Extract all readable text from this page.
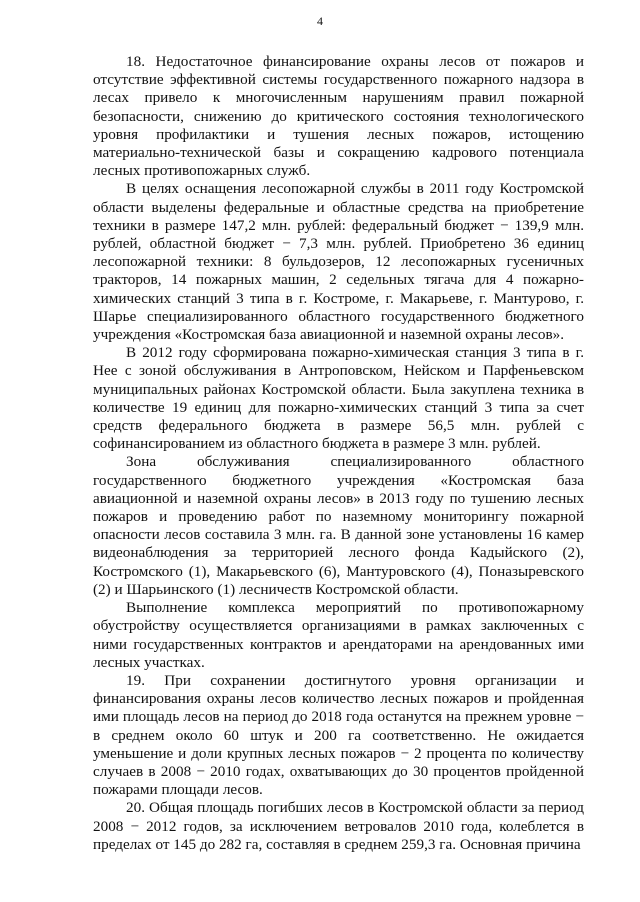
4

18. Недостаточное финансирование охраны лесов от пожаров и отсутствие эффективной системы государственного пожарного надзора в лесах привело к многочисленным нарушениям правил пожарной безопасности, снижению до критического состояния технологического уровня профилактики и тушения лесных пожаров, истощению материально-технической базы и сокращению кадрового потенциала лесных противопожарных служб.

В целях оснащения лесопожарной службы в 2011 году Костромской области выделены федеральные и областные средства на приобретение техники в размере 147,2 млн. рублей: федеральный бюджет − 139,9 млн. рублей, областной бюджет − 7,3 млн. рублей. Приобретено 36 единиц лесопожарной техники: 8 бульдозеров, 12 лесопожарных гусеничных тракторов, 14 пожарных машин, 2 седельных тягача для 4 пожарно-химических станций 3 типа в г. Костроме, г. Макарьеве, г. Мантурово, г. Шарье специализированного областного государственного бюджетного учреждения «Костромская база авиационной и наземной охраны лесов».

В 2012 году сформирована пожарно-химическая станция 3 типа в г. Нее с зоной обслуживания в Антроповском, Нейском и Парфеньевском муниципальных районах Костромской области. Была закуплена техника в количестве 19 единиц для пожарно-химических станций 3 типа за счет средств федерального бюджета в размере 56,5 млн. рублей с софинансированием из областного бюджета в размере 3 млн. рублей.

Зона обслуживания специализированного областного государственного бюджетного учреждения «Костромская база авиационной и наземной охраны лесов» в 2013 году по тушению лесных пожаров и проведению работ по наземному мониторингу пожарной опасности лесов составила 3 млн. га. В данной зоне установлены 16 камер видеонаблюдения за территорией лесного фонда Кадыйского (2), Костромского (1), Макарьевского (6), Мантуровского (4), Поназыревского (2) и Шарьинского (1) лесничеств Костромской области.

Выполнение комплекса мероприятий по противопожарному обустройству осуществляется организациями в рамках заключенных с ними государственных контрактов и арендаторами на арендованных ими лесных участках.

19. При сохранении достигнутого уровня организации и финансирования охраны лесов количество лесных пожаров и пройденная ими площадь лесов на период до 2018 года останутся на прежнем уровне − в среднем около 60 штук и 200 га соответственно. Не ожидается уменьшение и доли крупных лесных пожаров − 2 процента по количеству случаев в 2008 − 2010 годах, охватывающих до 30 процентов пройденной пожарами площади лесов.

20. Общая площадь погибших лесов в Костромской области за период 2008 − 2012 годов, за исключением ветровалов 2010 года, колеблется в пределах от 145 до 282 га, составляя в среднем 259,3 га. Основная причина
